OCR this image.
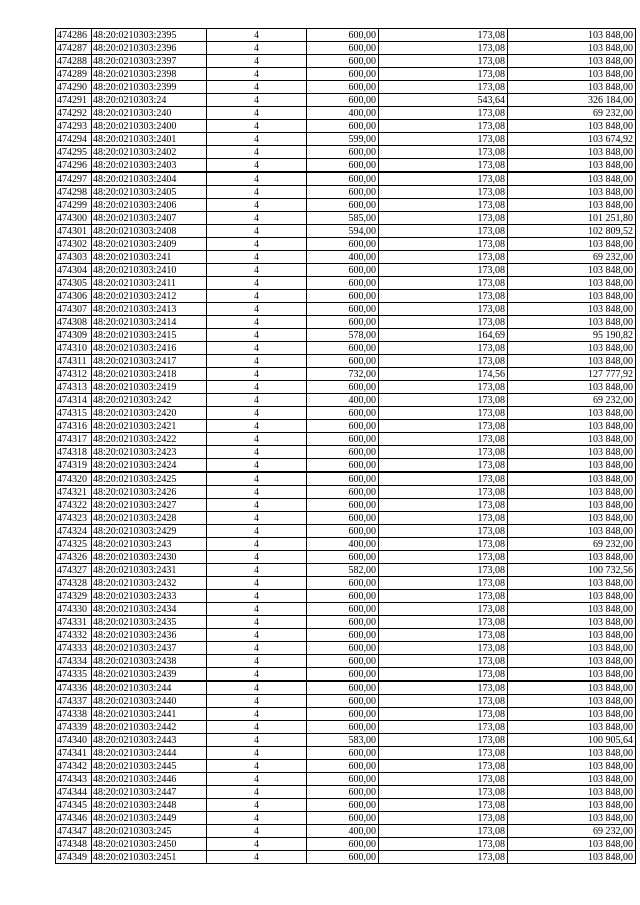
474286	48:20:0210303:2395	4	600,00	173,08	103 848,00
474287	48:20:0210303:2396	4	600,00	173,08	103 848,00
474288	48:20:0210303:2397	4	600,00	173,08	103 848,00
474289	48:20:0210303:2398	4	600,00	173,08	103 848,00
474290	48:20:0210303:2399	4	600,00	173,08	103 848,00
474291	48:20:0210303:24	4	600,00	543,64	326 184,00
474292	48:20:0210303:240	4	400,00	173,08	69 232,00
474293	48:20:0210303:2400	4	600,00	173,08	103 848,00
474294	48:20:0210303:2401	4	599,00	173,08	103 674,92
474295	48:20:0210303:2402	4	600,00	173,08	103 848,00
474296	48:20:0210303:2403	4	600,00	173,08	103 848,00
474297	48:20:0210303:2404	4	600,00	173,08	103 848,00
474298	48:20:0210303:2405	4	600,00	173,08	103 848,00
474299	48:20:0210303:2406	4	600,00	173,08	103 848,00
474300	48:20:0210303:2407	4	585,00	173,08	101 251,80
474301	48:20:0210303:2408	4	594,00	173,08	102 809,52
474302	48:20:0210303:2409	4	600,00	173,08	103 848,00
474303	48:20:0210303:241	4	400,00	173,08	69 232,00
474304	48:20:0210303:2410	4	600,00	173,08	103 848,00
474305	48:20:0210303:2411	4	600,00	173,08	103 848,00
474306	48:20:0210303:2412	4	600,00	173,08	103 848,00
474307	48:20:0210303:2413	4	600,00	173,08	103 848,00
474308	48:20:0210303:2414	4	600,00	173,08	103 848,00
474309	48:20:0210303:2415	4	578,00	164,69	95 190,82
474310	48:20:0210303:2416	4	600,00	173,08	103 848,00
474311	48:20:0210303:2417	4	600,00	173,08	103 848,00
474312	48:20:0210303:2418	4	732,00	174,56	127 777,92
474313	48:20:0210303:2419	4	600,00	173,08	103 848,00
474314	48:20:0210303:242	4	400,00	173,08	69 232,00
474315	48:20:0210303:2420	4	600,00	173,08	103 848,00
474316	48:20:0210303:2421	4	600,00	173,08	103 848,00
474317	48:20:0210303:2422	4	600,00	173,08	103 848,00
474318	48:20:0210303:2423	4	600,00	173,08	103 848,00
474319	48:20:0210303:2424	4	600,00	173,08	103 848,00
474320	48:20:0210303:2425	4	600,00	173,08	103 848,00
474321	48:20:0210303:2426	4	600,00	173,08	103 848,00
474322	48:20:0210303:2427	4	600,00	173,08	103 848,00
474323	48:20:0210303:2428	4	600,00	173,08	103 848,00
474324	48:20:0210303:2429	4	600,00	173,08	103 848,00
474325	48:20:0210303:243	4	400,00	173,08	69 232,00
474326	48:20:0210303:2430	4	600,00	173,08	103 848,00
474327	48:20:0210303:2431	4	582,00	173,08	100 732,56
474328	48:20:0210303:2432	4	600,00	173,08	103 848,00
474329	48:20:0210303:2433	4	600,00	173,08	103 848,00
474330	48:20:0210303:2434	4	600,00	173,08	103 848,00
474331	48:20:0210303:2435	4	600,00	173,08	103 848,00
474332	48:20:0210303:2436	4	600,00	173,08	103 848,00
474333	48:20:0210303:2437	4	600,00	173,08	103 848,00
474334	48:20:0210303:2438	4	600,00	173,08	103 848,00
474335	48:20:0210303:2439	4	600,00	173,08	103 848,00
474336	48:20:0210303:244	4	600,00	173,08	103 848,00
474337	48:20:0210303:2440	4	600,00	173,08	103 848,00
474338	48:20:0210303:2441	4	600,00	173,08	103 848,00
474339	48:20:0210303:2442	4	600,00	173,08	103 848,00
474340	48:20:0210303:2443	4	583,00	173,08	100 905,64
474341	48:20:0210303:2444	4	600,00	173,08	103 848,00
474342	48:20:0210303:2445	4	600,00	173,08	103 848,00
474343	48:20:0210303:2446	4	600,00	173,08	103 848,00
474344	48:20:0210303:2447	4	600,00	173,08	103 848,00
474345	48:20:0210303:2448	4	600,00	173,08	103 848,00
474346	48:20:0210303:2449	4	600,00	173,08	103 848,00
474347	48:20:0210303:245	4	400,00	173,08	69 232,00
474348	48:20:0210303:2450	4	600,00	173,08	103 848,00
474349	48:20:0210303:2451	4	600,00	173,08	103 848,00
